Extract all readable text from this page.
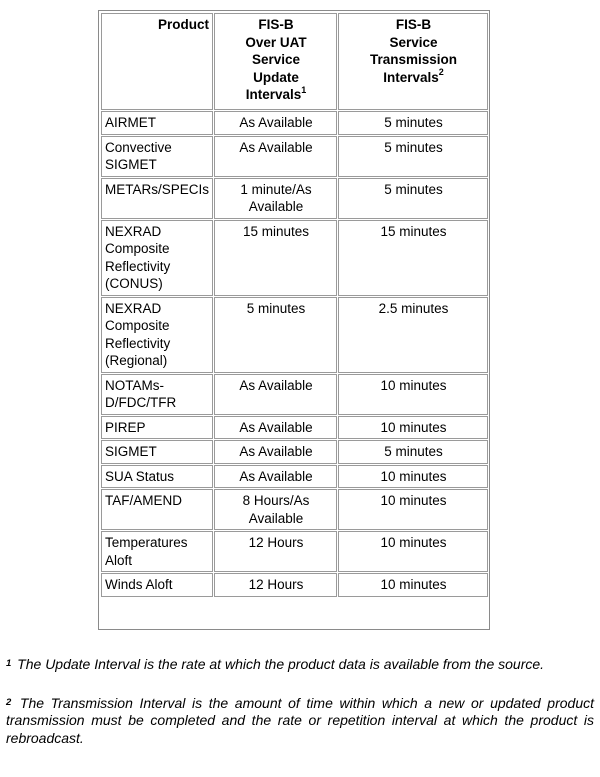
Product	FIS-B
Over UAT
Service
Update
Intervals$^1$	FIS-B
Service
Transmission
Intervals$^2$
AIRMET	As Available	5 minutes
Convective SIGMET	As Available	5 minutes
METARs/SPECIs	1 minute/As Available	5 minutes
NEXRAD Composite Reflectivity (CONUS)	15 minutes	15 minutes
NEXRAD Composite Reflectivity (Regional)	5 minutes	2.5 minutes
NOTAMs-D/FDC/TFR	As Available	10 minutes
PIREP	As Available	10 minutes
SIGMET	As Available	5 minutes
SUA Status	As Available	10 minutes
TAF/AMEND	8 Hours/As Available	10 minutes
Temperatures Aloft	12 Hours	10 minutes
Winds Aloft	12 Hours	10 minutes

$^1$ The Update Interval is the rate at which the product data is available from the source.

$^2$ The Transmission Interval is the amount of time within which a new or updated product transmission must be completed and the rate or repetition interval at which the product is rebroadcast.
